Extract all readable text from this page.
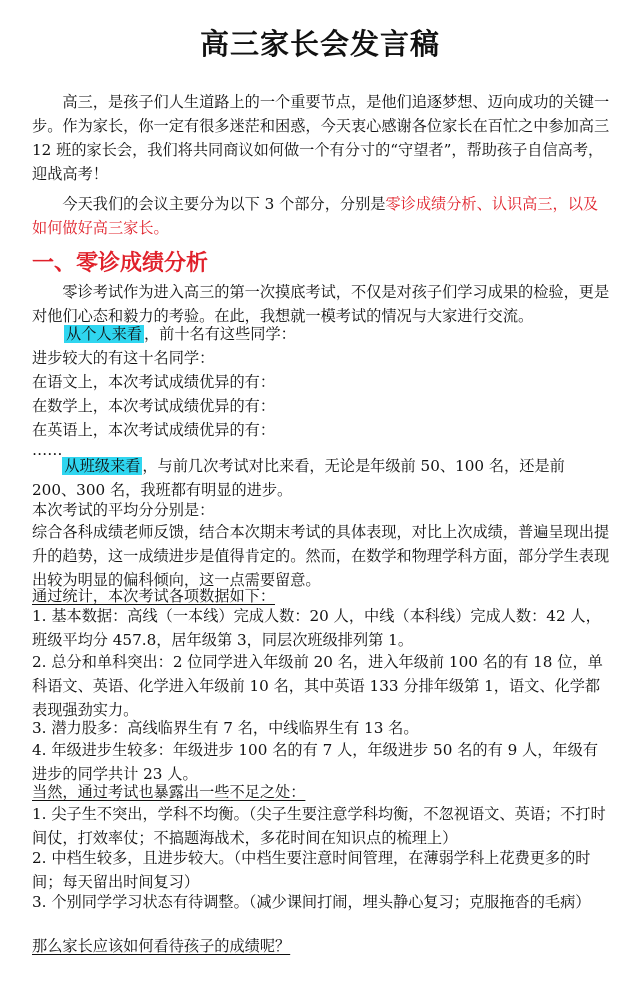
高三家长会发言稿
高三，是孩子们人生道路上的一个重要节点，是他们追逐梦想、迈向成功的关键一步。作为家长，你一定有很多迷茫和困惑，今天衷心感谢各位家长在百忙之中参加高三 12 班的家长会，我们将共同商议如何做一个有分寸的“守望者”，帮助孩子自信高考，迎战高考！
今天我们的会议主要分为以下 3 个部分，分别是零诊成绩分析、认识高三，以及如何做好高三家长。
一、零诊成绩分析
零诊考试作为进入高三的第一次摸底考试，不仅是对孩子们学习成果的检验，更是对他们心态和毅力的考验。在此，我想就一模考试的情况与大家进行交流。
从个人来看 ，前十名有这些同学：
进步较大的有这十名同学：
在语文上，本次考试成绩优异的有：
在数学上，本次考试成绩优异的有：
在英语上，本次考试成绩优异的有：
……
从班级来看 ，与前几次考试对比来看，无论是年级前 50、100 名，还是前 200、300 名，我班都有明显的进步。
本次考试的平均分分别是：
综合各科成绩老师反馈，结合本次期末考试的具体表现，对比上次成绩，普遍呈现出提升的趋势，这一成绩进步是值得肯定的。然而，在数学和物理学科方面，部分学生表现出较为明显的偏科倾向，这一点需要留意。
通过统计，本次考试各项数据如下：
1. 基本数据：高线（一本线）完成人数：20 人，中线（本科线）完成人数：42 人，班级平均分 457.8，居年级第 3，同层次班级排列第 1。
2. 总分和单科突出：2 位同学进入年级前 20 名，进入年级前 100 名的有 18 位，单科语文、英语、化学进入年级前 10 名，其中英语 133 分排年级第 1，语文、化学都表现强劲实力。
3. 潜力股多：高线临界生有 7 名，中线临界生有 13 名。
4. 年级进步生较多：年级进步 100 名的有 7 人，年级进步 50 名的有 9 人，年级有进步的同学共计 23 人。
当然，通过考试也暴露出一些不足之处：
1. 尖子生不突出，学科不均衡。（尖子生要注意学科均衡，不忽视语文、英语；不打时间仗，打效率仗；不搞题海战术，多花时间在知识点的梳理上）
2. 中档生较多，且进步较大。（中档生要注意时间管理，在薄弱学科上花费更多的时间；每天留出时间复习）
3. 个别同学学习状态有待调整。（减少课间打闹，埋头静心复习；克服拖沓的毛病）
那么家长应该如何看待孩子的成绩呢？
